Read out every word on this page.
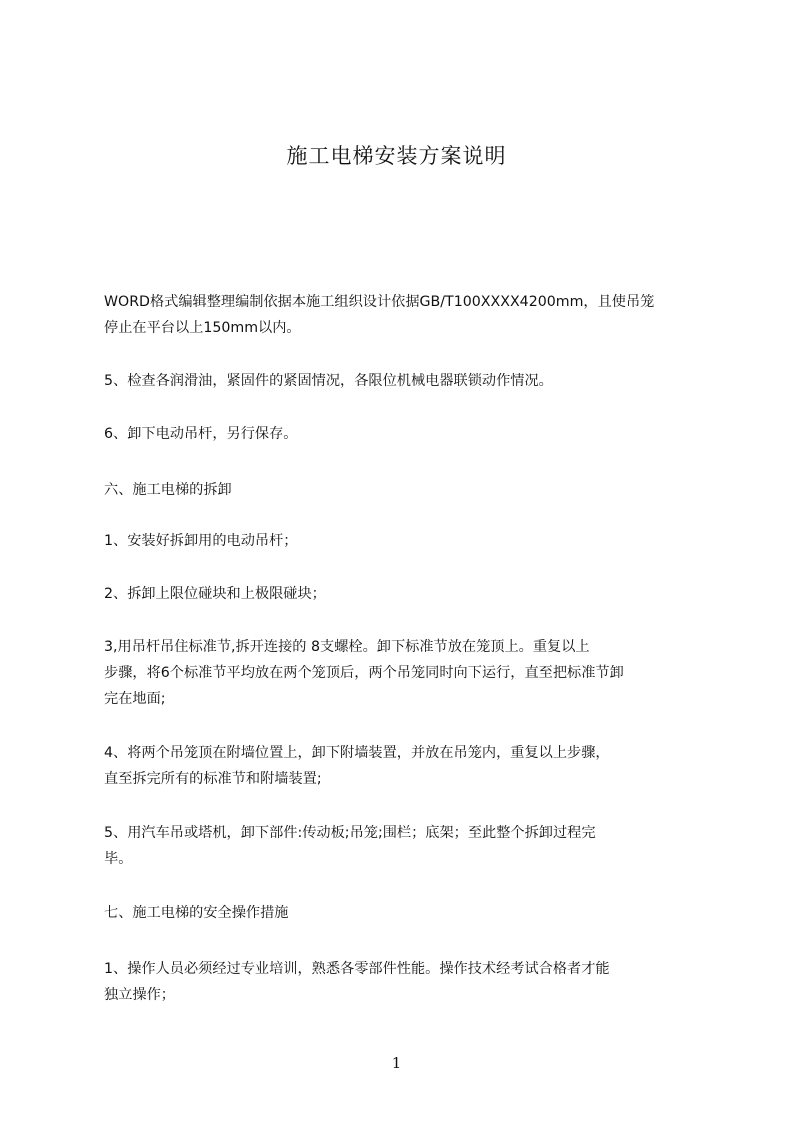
施工电梯安装方案说明
WORD格式编辑整理编制依据本施工组织设计依据GB/T100XXXX4200mm，且使吊笼
停止在平台以上150mm以内。
5、检查各润滑油，紧固件的紧固情况，各限位机械电器联锁动作情况。
6、卸下电动吊杆，另行保存。
六、施工电梯的拆卸
1、安装好拆卸用的电动吊杆；
2、拆卸上限位碰块和上极限碰块；
3,用吊杆吊住标准节,拆开连接的 8支螺栓。卸下标准节放在笼顶上。重复以上
步骤，将6个标准节平均放在两个笼顶后，两个吊笼同时向下运行，直至把标准节卸
完在地面;
4、将两个吊笼顶在附墙位置上，卸下附墙装置，并放在吊笼内，重复以上步骤，
直至拆完所有的标准节和附墙装置;
5、用汽车吊或塔机，卸下部件:传动板;吊笼;围栏；底架；至此整个拆卸过程完
毕。
七、施工电梯的安全操作措施
1、操作人员必须经过专业培训，熟悉各零部件性能。操作技术经考试合格者才能
独立操作；
1
